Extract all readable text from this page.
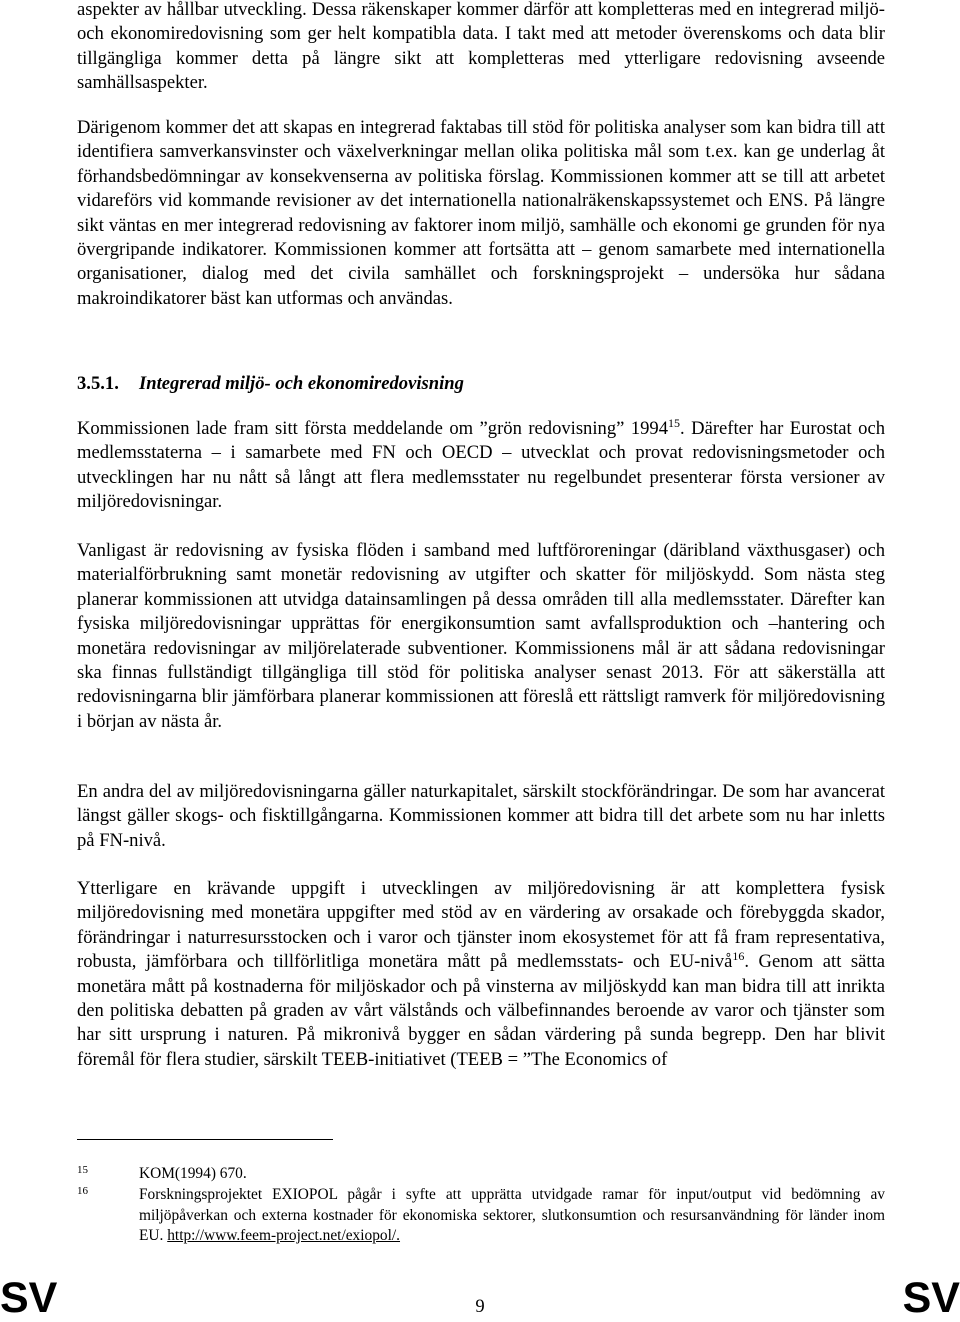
aspekter av hållbar utveckling. Dessa räkenskaper kommer därför att kompletteras med en integrerad miljö- och ekonomiredovisning som ger helt kompatibla data. I takt med att metoder överenskoms och data blir tillgängliga kommer detta på längre sikt att kompletteras med ytterligare redovisning avseende samhällsaspekter.

Därigenom kommer det att skapas en integrerad faktabas till stöd för politiska analyser som kan bidra till att identifiera samverkansvinster och växelverkningar mellan olika politiska mål som t.ex. kan ge underlag åt förhandsbedömningar av konsekvenserna av politiska förslag. Kommissionen kommer att se till att arbetet vidareförs vid kommande revisioner av det internationella nationalräkenskapssystemet och ENS. På längre sikt väntas en mer integrerad redovisning av faktorer inom miljö, samhälle och ekonomi ge grunden för nya övergripande indikatorer. Kommissionen kommer att fortsätta att – genom samarbete med internationella organisationer, dialog med det civila samhället och forskningsprojekt – undersöka hur sådana makroindikatorer bäst kan utformas och användas.

3.5.1. Integrerad miljö- och ekonomiredovisning

Kommissionen lade fram sitt första meddelande om ”grön redovisning” 1994$^{15}$. Därefter har Eurostat och medlemsstaterna – i samarbete med FN och OECD – utvecklat och provat redovisningsmetoder och utvecklingen har nu nått så långt att flera medlemsstater nu regelbundet presenterar första versioner av miljöredovisningar.

Vanligast är redovisning av fysiska flöden i samband med luftföroreningar (däribland växthusgaser) och materialförbrukning samt monetär redovisning av utgifter och skatter för miljöskydd. Som nästa steg planerar kommissionen att utvidga datainsamlingen på dessa områden till alla medlemsstater. Därefter kan fysiska miljöredovisningar upprättas för energikonsumtion samt avfallsproduktion och –hantering och monetära redovisningar av miljörelaterade subventioner. Kommissionens mål är att sådana redovisningar ska finnas fullständigt tillgängliga till stöd för politiska analyser senast 2013. För att säkerställa att redovisningarna blir jämförbara planerar kommissionen att föreslå ett rättsligt ramverk för miljöredovisning i början av nästa år.

En andra del av miljöredovisningarna gäller naturkapitalet, särskilt stockförändringar. De som har avancerat längst gäller skogs- och fisktillgångarna. Kommissionen kommer att bidra till det arbete som nu har inletts på FN-nivå.

Ytterligare en krävande uppgift i utvecklingen av miljöredovisning är att komplettera fysisk miljöredovisning med monetära uppgifter med stöd av en värdering av orsakade och förebyggda skador, förändringar i naturresursstocken och i varor och tjänster inom ekosystemet för att få fram representativa, robusta, jämförbara och tillförlitliga monetära mått på medlemsstats- och EU-nivå$^{16}$. Genom att sätta monetära mått på kostnaderna för miljöskador och på vinsterna av miljöskydd kan man bidra till att inrikta den politiska debatten på graden av vårt välstånds och välbefinnandes beroende av varor och tjänster som har sitt ursprung i naturen. På mikronivå bygger en sådan värdering på sunda begrepp. Den har blivit föremål för flera studier, särskilt TEEB-initiativet (TEEB = ”The Economics of

15	KOM(1994) 670.
16	Forskningsprojektet EXIOPOL pågår i syfte att upprätta utvidgade ramar för input/output vid bedömning av miljöpåverkan och externa kostnader för ekonomiska sektorer, slutkonsumtion och resursanvändning för länder inom EU. http://www.feem-project.net/exiopol/.
SV	9	SV
